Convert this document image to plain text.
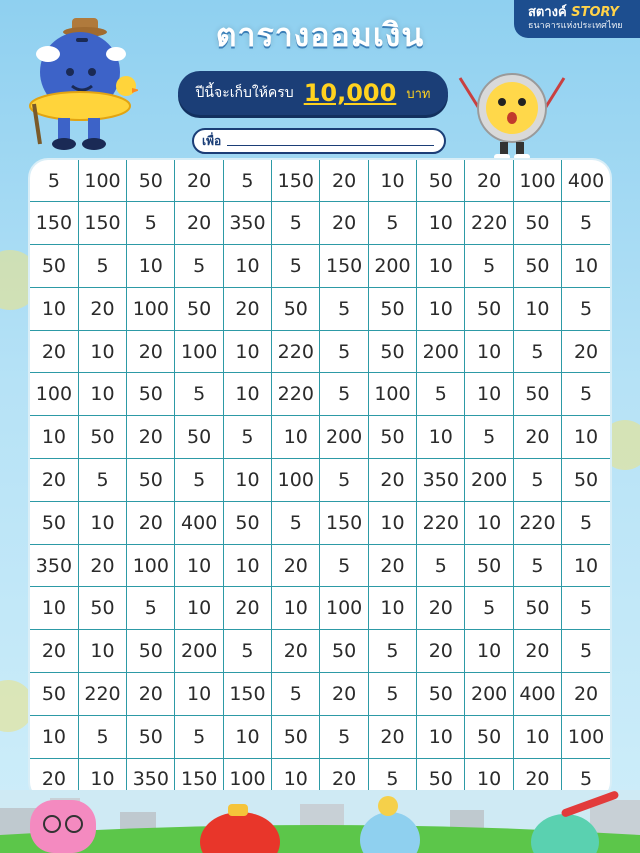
สตางค์ STORY
ธนาคารแห่งประเทศไทย
ตารางออมเงิน
ปีนี้จะเก็บให้ครบ 10,000 บาท
เพื่อ
5	100	50	20	5	150	20	10	50	20	100	400
150	150	5	20	350	5	20	5	10	220	50	5
50	5	10	5	10	5	150	200	10	5	50	10
10	20	100	50	20	50	5	50	10	50	10	5
20	10	20	100	10	220	5	50	200	10	5	20
100	10	50	5	10	220	5	100	5	10	50	5
10	50	20	50	5	10	200	50	10	5	20	10
20	5	50	5	10	100	5	20	350	200	5	50
50	10	20	400	50	5	150	10	220	10	220	5
350	20	100	10	10	20	5	20	5	50	5	10
10	50	5	10	20	10	100	10	20	5	50	5
20	10	50	200	5	20	50	5	20	10	20	5
50	220	20	10	150	5	20	5	50	200	400	20
10	5	50	5	10	50	5	20	10	50	10	100
20	10	350	150	100	10	20	5	50	10	20	5
